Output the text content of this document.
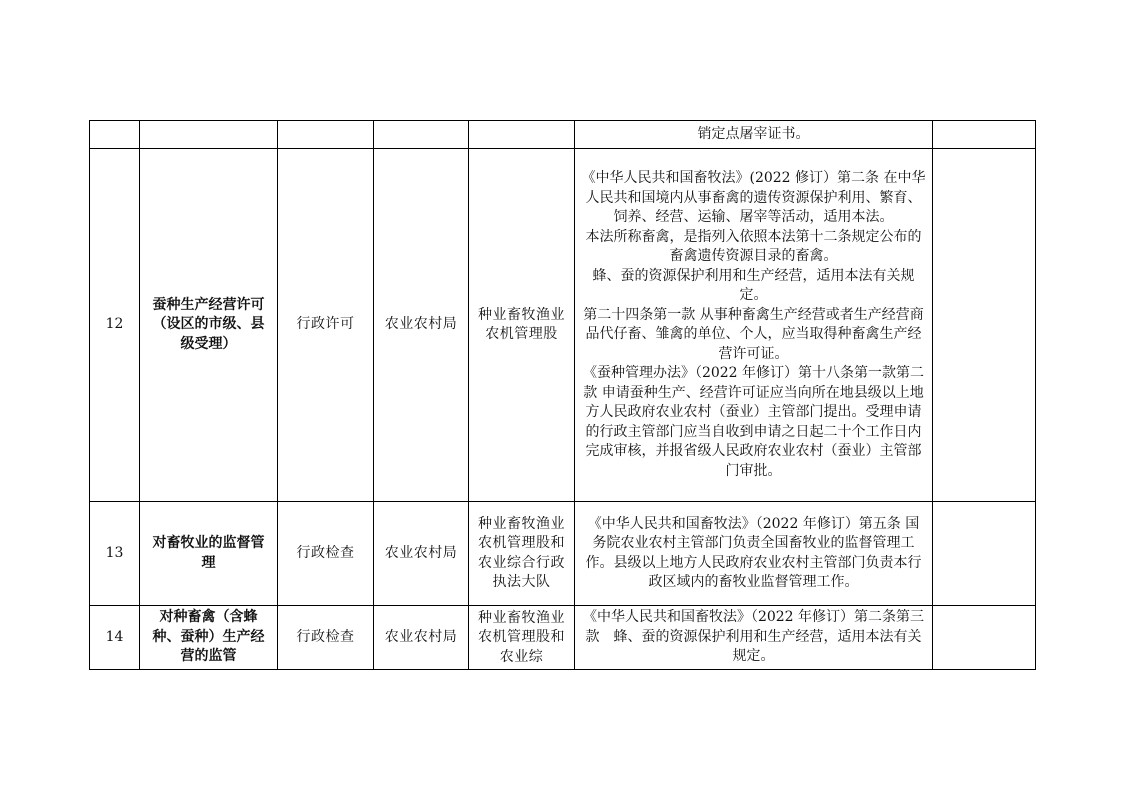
					销定点屠宰证书。	

12	蚕种生产经营许可（设区的市级、县级受理）	行政许可	农业农村局	种业畜牧渔业农机管理股	《中华人民共和国畜牧法》(2022 修订）第二条 在中华人民共和国境内从事畜禽的遗传资源保护利用、繁育、饲养、经营、运输、屠宰等活动，适用本法。

本法所称畜禽，是指列入依照本法第十二条规定公布的畜禽遗传资源目录的畜禽。

蜂、蚕的资源保护利用和生产经营，适用本法有关规定。

第二十四条第一款 从事种畜禽生产经营或者生产经营商品代仔畜、雏禽的单位、个人，应当取得种畜禽生产经营许可证。

《蚕种管理办法》（2022 年修订）第十八条第一款第二款 申请蚕种生产、经营许可证应当向所在地县级以上地方人民政府农业农村（蚕业）主管部门提出。受理申请的行政主管部门应当自收到申请之日起二十个工作日内完成审核，并报省级人民政府农业农村（蚕业）主管部门审批。	

13	对畜牧业的监督管理	行政检查	农业农村局	种业畜牧渔业农机管理股和农业综合行政执法大队	《中华人民共和国畜牧法》（2022 年修订）第五条 国务院农业农村主管部门负责全国畜牧业的监督管理工作。县级以上地方人民政府农业农村主管部门负责本行政区域内的畜牧业监督管理工作。	

14	对种畜禽（含蜂种、蚕种）生产经营的监管	行政检查	农业农村局	种业畜牧渔业农机管理股和农业综	《中华人民共和国畜牧法》（2022 年修订）第二条第三款　蜂、蚕的资源保护利用和生产经营，适用本法有关规定。	
